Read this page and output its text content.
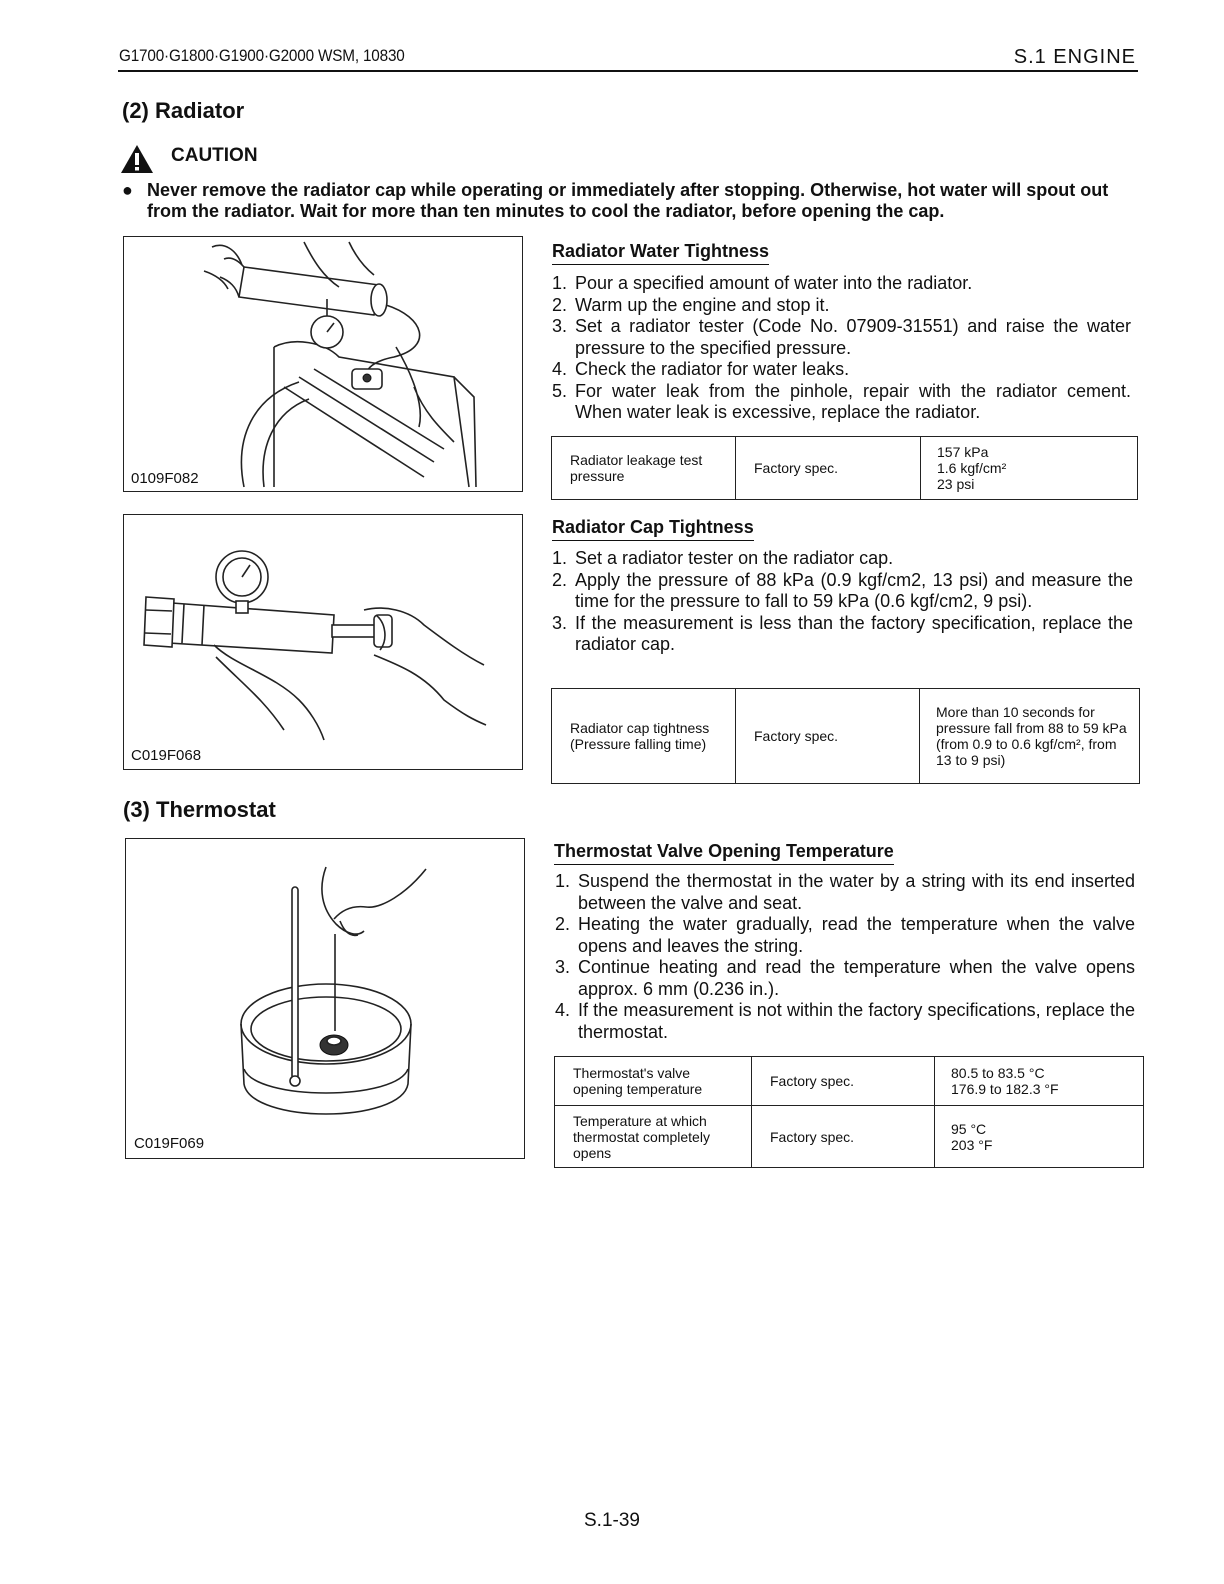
G1700·G1800·G1900·G2000 WSM, 10830	S.1 ENGINE
(2) Radiator
CAUTION
● Never remove the radiator cap while operating or immediately after stopping. Otherwise, hot water will spout out from the radiator. Wait for more than ten minutes to cool the radiator, before opening the cap.
0109F082
Radiator Water Tightness
1. Pour a specified amount of water into the radiator.
2. Warm up the engine and stop it.
3. Set a radiator tester (Code No. 07909-31551) and raise the water pressure to the specified pressure.
4. Check the radiator for water leaks.
5. For water leak from the pinhole, repair with the radiator cement. When water leak is excessive, replace the radiator.
Radiator leakage test pressure	Factory spec.	
157 kPa
1.6 kgf/cm²
23 psi
C019F068
Radiator Cap Tightness
1. Set a radiator tester on the radiator cap.
2. Apply the pressure of 88 kPa (0.9 kgf/cm2, 13 psi) and measure the time for the pressure to fall to 59 kPa (0.6 kgf/cm2, 9 psi).
3. If the measurement is less than the factory specification, replace the radiator cap.
Radiator cap tightness
(Pressure falling time)	Factory spec.	More than 10 seconds for pressure fall from 88 to 59 kPa (from 0.9 to 0.6 kgf/cm², from 13 to 9 psi)
(3) Thermostat
C019F069
Thermostat Valve Opening Temperature
1. Suspend the thermostat in the water by a string with its end inserted between the valve and seat.
2. Heating the water gradually, read the temperature when the valve opens and leaves the string.
3. Continue heating and read the temperature when the valve opens approx. 6 mm (0.236 in.).
4. If the measurement is not within the factory specifications, replace the thermostat.
Thermostat's valve opening temperature	Factory spec.	80.5 to 83.5 °C
176.9 to 182.3 °F

Temperature at which thermostat completely opens	Factory spec.	95 °C
203 °F
S.1-39
